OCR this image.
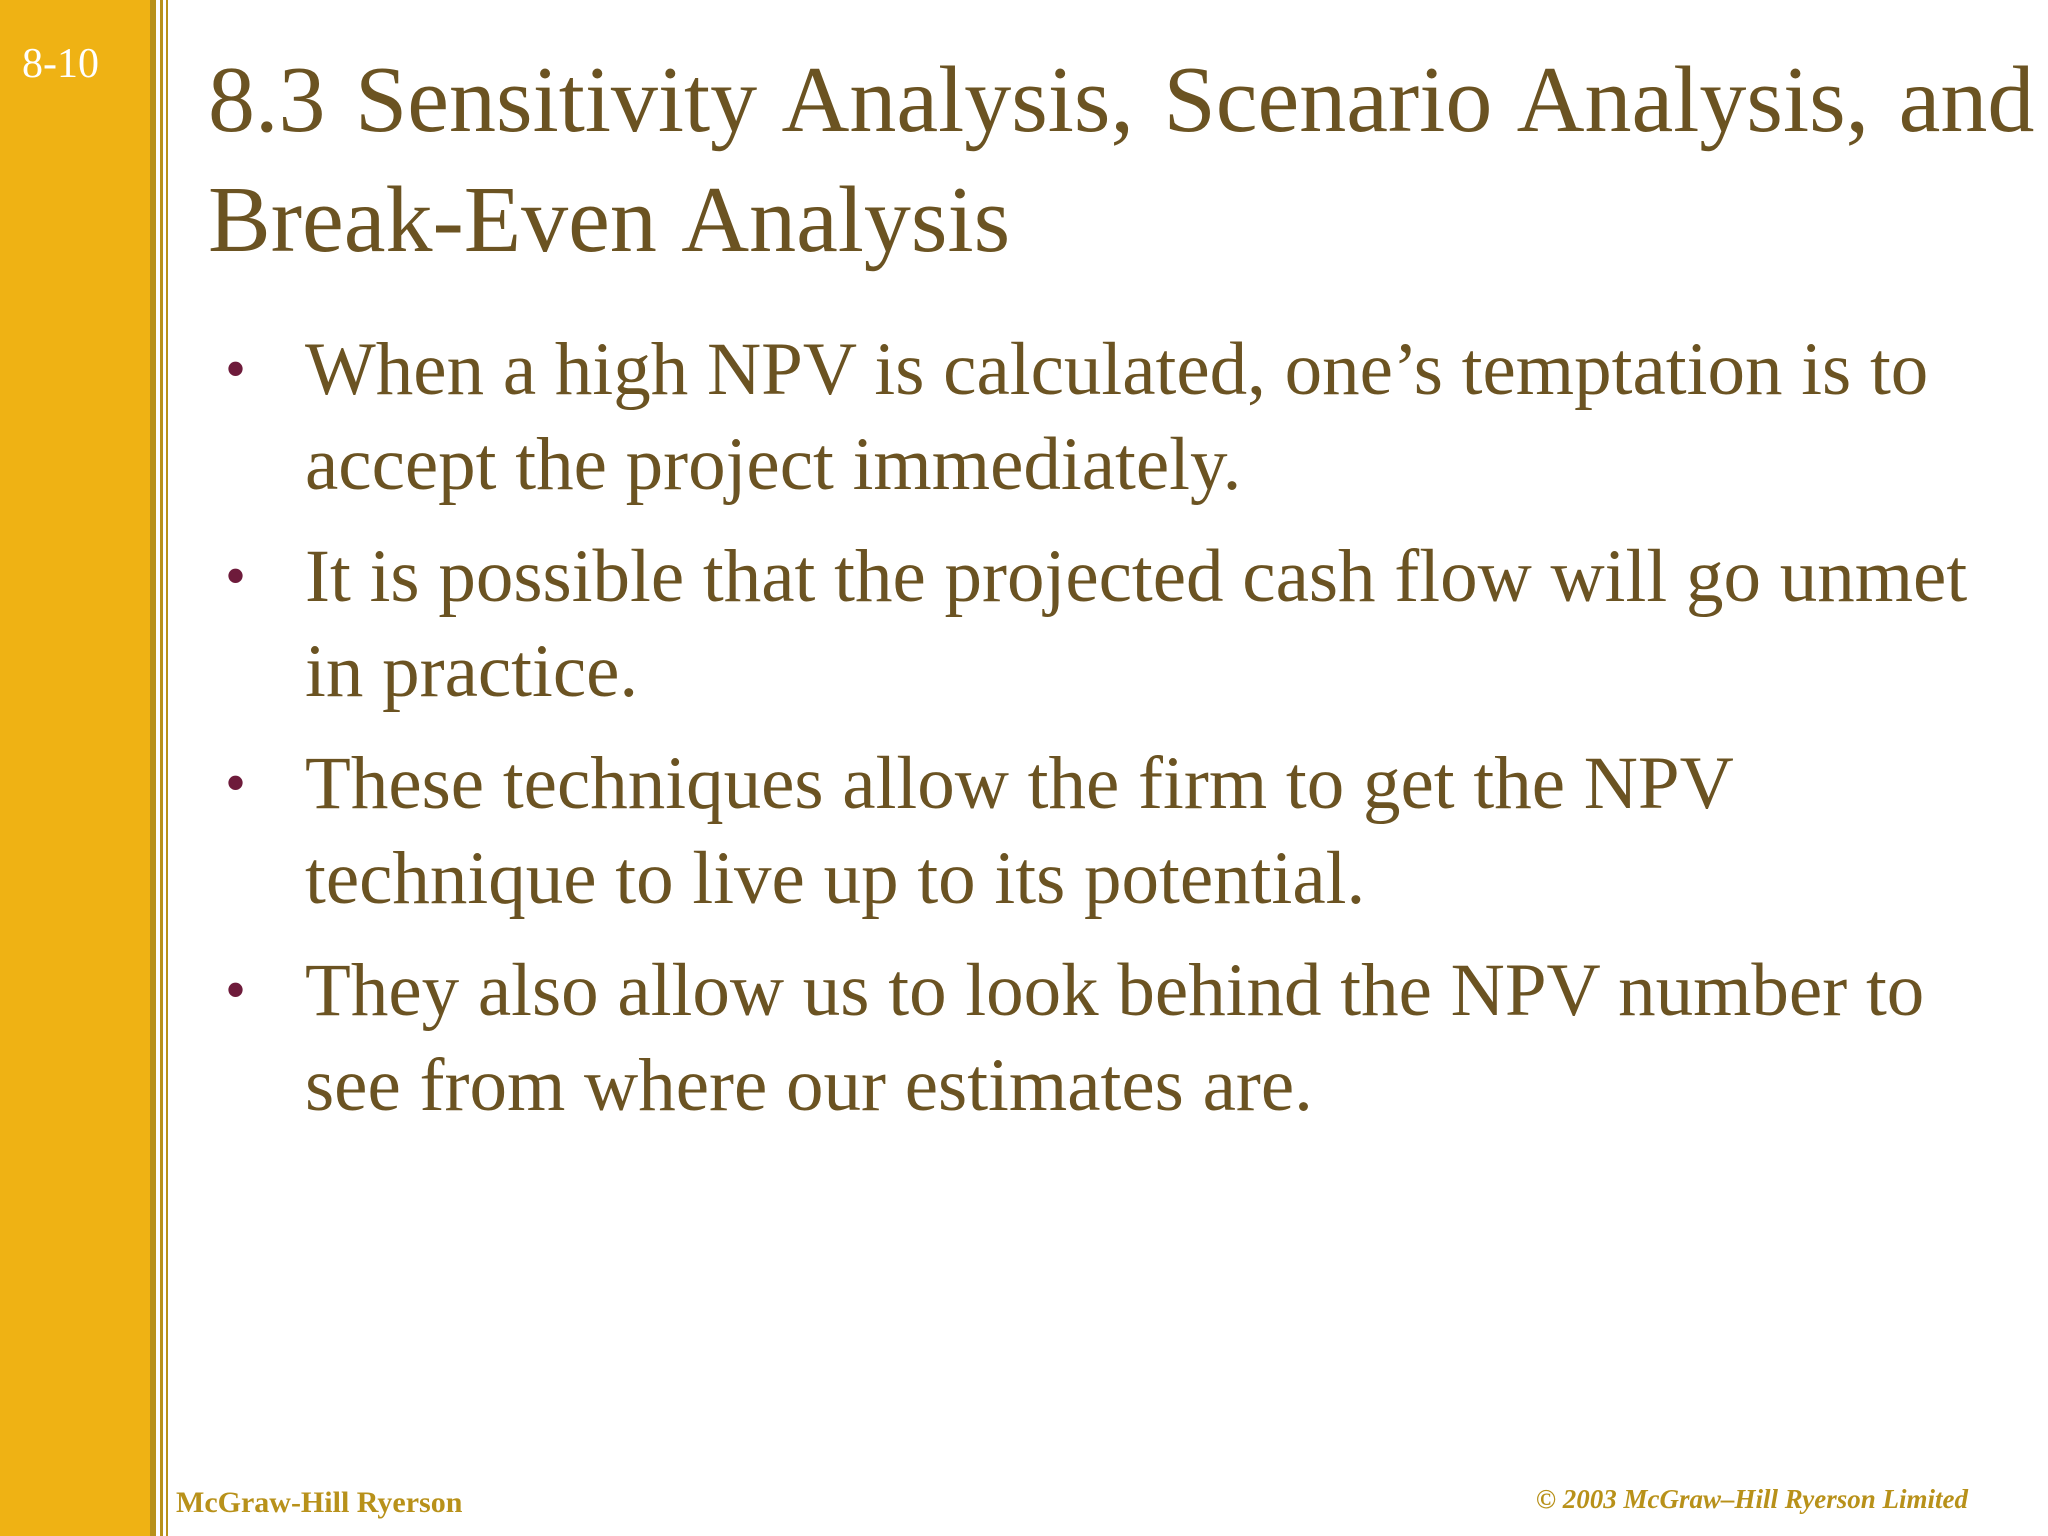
8-10 8.3 Sensitivity Analysis, Scenario Analysis, and Break-Even Analysis
• When a high NPV is calculated, one’s temptation is to accept the project immediately.
• It is possible that the projected cash flow will go unmet in practice.
• These techniques allow the firm to get the NPV technique to live up to its potential.
• They also allow us to look behind the NPV number to see from where our estimates are.
McGraw-Hill Ryerson	© 2003 McGraw–Hill Ryerson Limited
